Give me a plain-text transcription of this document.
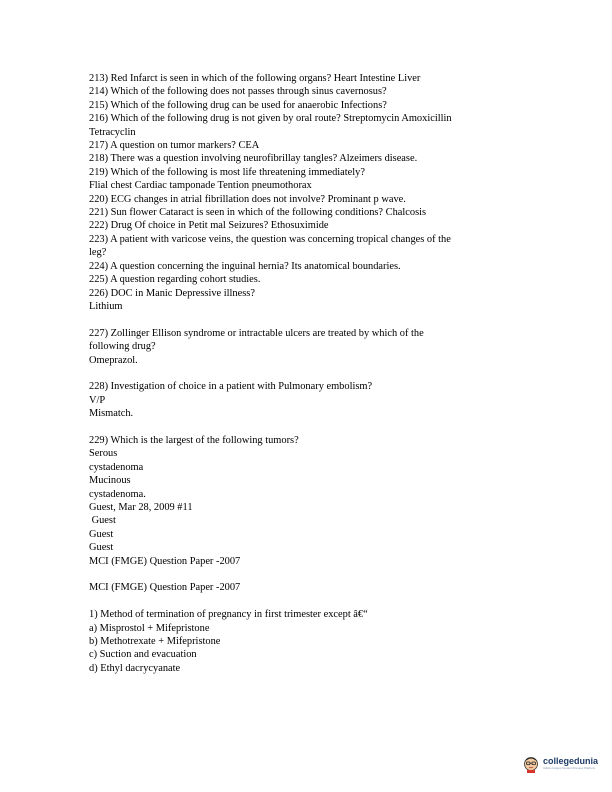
213) Red Infarct is seen in which of the following organs? Heart Intestine Liver
214) Which of the following does not passes through sinus cavernosus?
215) Which of the following drug can be used for anaerobic Infections?
216) Which of the following drug is not given by oral route? Streptomycin Amoxicillin
Tetracyclin
217) A question on tumor markers? CEA
218) There was a question involving neurofibrillay tangles? Alzeimers disease.
219) Which of the following is most life threatening immediately?
Flial chest Cardiac tamponade Tention pneumothorax
220) ECG changes in atrial fibrillation does not involve? Prominant p wave.
221) Sun flower Cataract is seen in which of the following conditions? Chalcosis
222) Drug Of choice in Petit mal Seizures? Ethosuximide
223) A patient with varicose veins, the question was concerning tropical changes of the
leg?
224) A question concerning the inguinal hernia? Its anatomical boundaries.
225) A question regarding cohort studies.
226) DOC in Manic Depressive illness?
Lithium
227) Zollinger Ellison syndrome or intractable ulcers are treated by which of the
following drug?
Omeprazol.
228) Investigation of choice in a patient with Pulmonary embolism?
V/P
Mismatch.
229) Which is the largest of the following tumors?
Serous
cystadenoma
Mucinous
cystadenoma.
Guest, Mar 28, 2009 #11
Guest
Guest
Guest
MCI (FMGE) Question Paper -2007
MCI (FMGE) Question Paper -2007
1) Method of termination of pregnancy in first trimester except â€“
a) Misprostol + Mifepristone
b) Methotrexate + Mifepristone
c) Suction and evacuation
d) Ethyl dacrycyanate
collegedunia
India's largest Student Review Platform
